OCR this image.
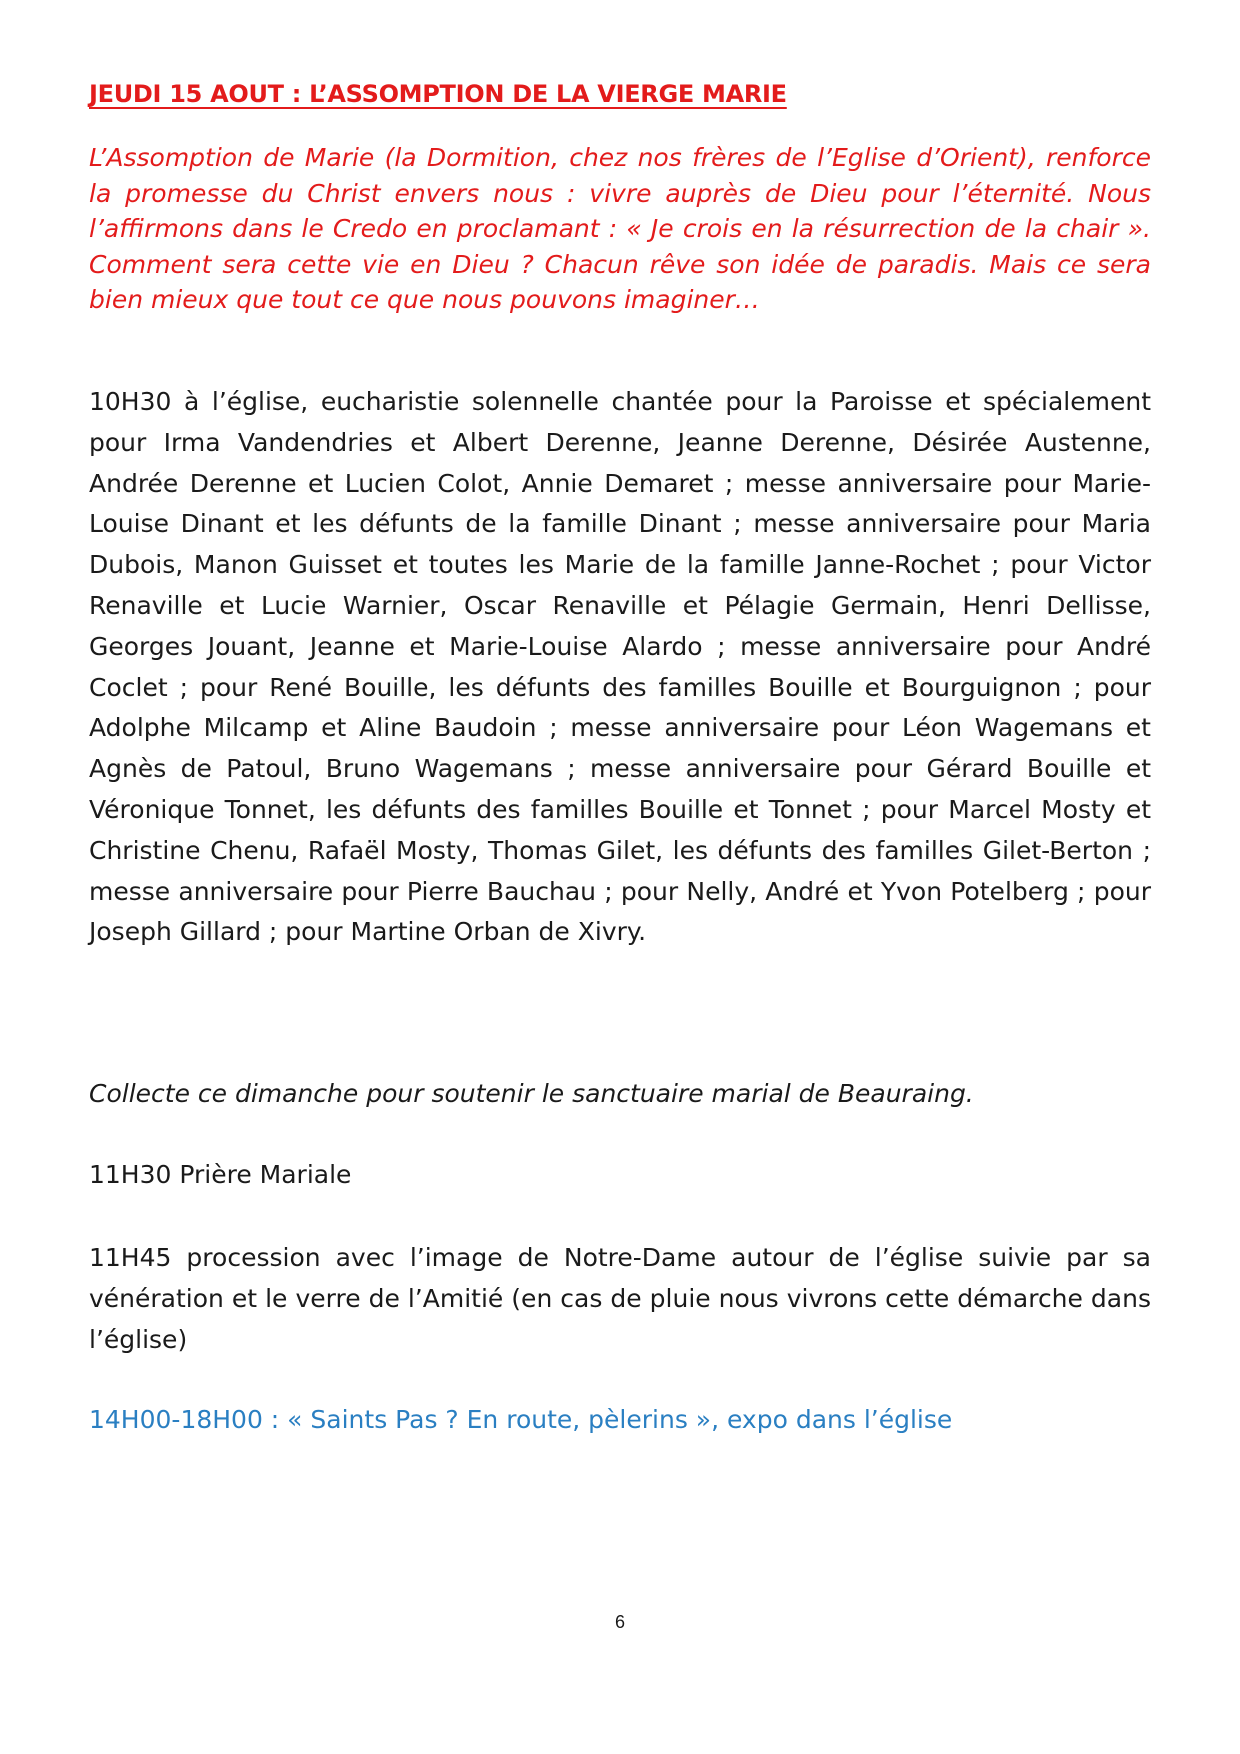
JEUDI 15 AOUT : L’ASSOMPTION DE LA VIERGE MARIE

L’Assomption de Marie (la Dormition, chez nos frères de l’Eglise d’Orient), renforce la promesse du Christ envers nous : vivre auprès de Dieu pour l’éternité. Nous l’affirmons dans le Credo en proclamant : « Je crois en la résurrection de la chair ». Comment sera cette vie en Dieu ? Chacun rêve son idée de paradis. Mais ce sera bien mieux que tout ce que nous pouvons imaginer…

10H30 à l’église, eucharistie solennelle chantée pour la Paroisse et spécialement pour Irma Vandendries et Albert Derenne, Jeanne Derenne, Désirée Austenne, Andrée Derenne et Lucien Colot, Annie Demaret ; messe anniversaire pour Marie-Louise Dinant et les défunts de la famille Dinant ; messe anniversaire pour Maria Dubois, Manon Guisset et toutes les Marie de la famille Janne-Rochet ; pour Victor Renaville et Lucie Warnier, Oscar Renaville et Pélagie Germain, Henri Dellisse, Georges Jouant, Jeanne et Marie-Louise Alardo ; messe anniversaire pour André Coclet ; pour René Bouille, les défunts des familles Bouille et Bourguignon ; pour Adolphe Milcamp et Aline Baudoin ; messe anniversaire pour Léon Wagemans et Agnès de Patoul, Bruno Wagemans ; messe anniversaire pour Gérard Bouille et Véronique Tonnet, les défunts des familles Bouille et Tonnet ; pour Marcel Mosty et Christine Chenu, Rafaël Mosty, Thomas Gilet, les défunts des familles Gilet-Berton ; messe anniversaire pour Pierre Bauchau ; pour Nelly, André et Yvon Potelberg ; pour Joseph Gillard ; pour Martine Orban de Xivry.

Collecte ce dimanche pour soutenir le sanctuaire marial de Beauraing.

11H30 Prière Mariale

11H45 procession avec l’image de Notre-Dame autour de l’église suivie par sa vénération et le verre de l’Amitié (en cas de pluie nous vivrons cette démarche dans l’église)

14H00-18H00 : « Saints Pas ? En route, pèlerins », expo dans l’église

6
